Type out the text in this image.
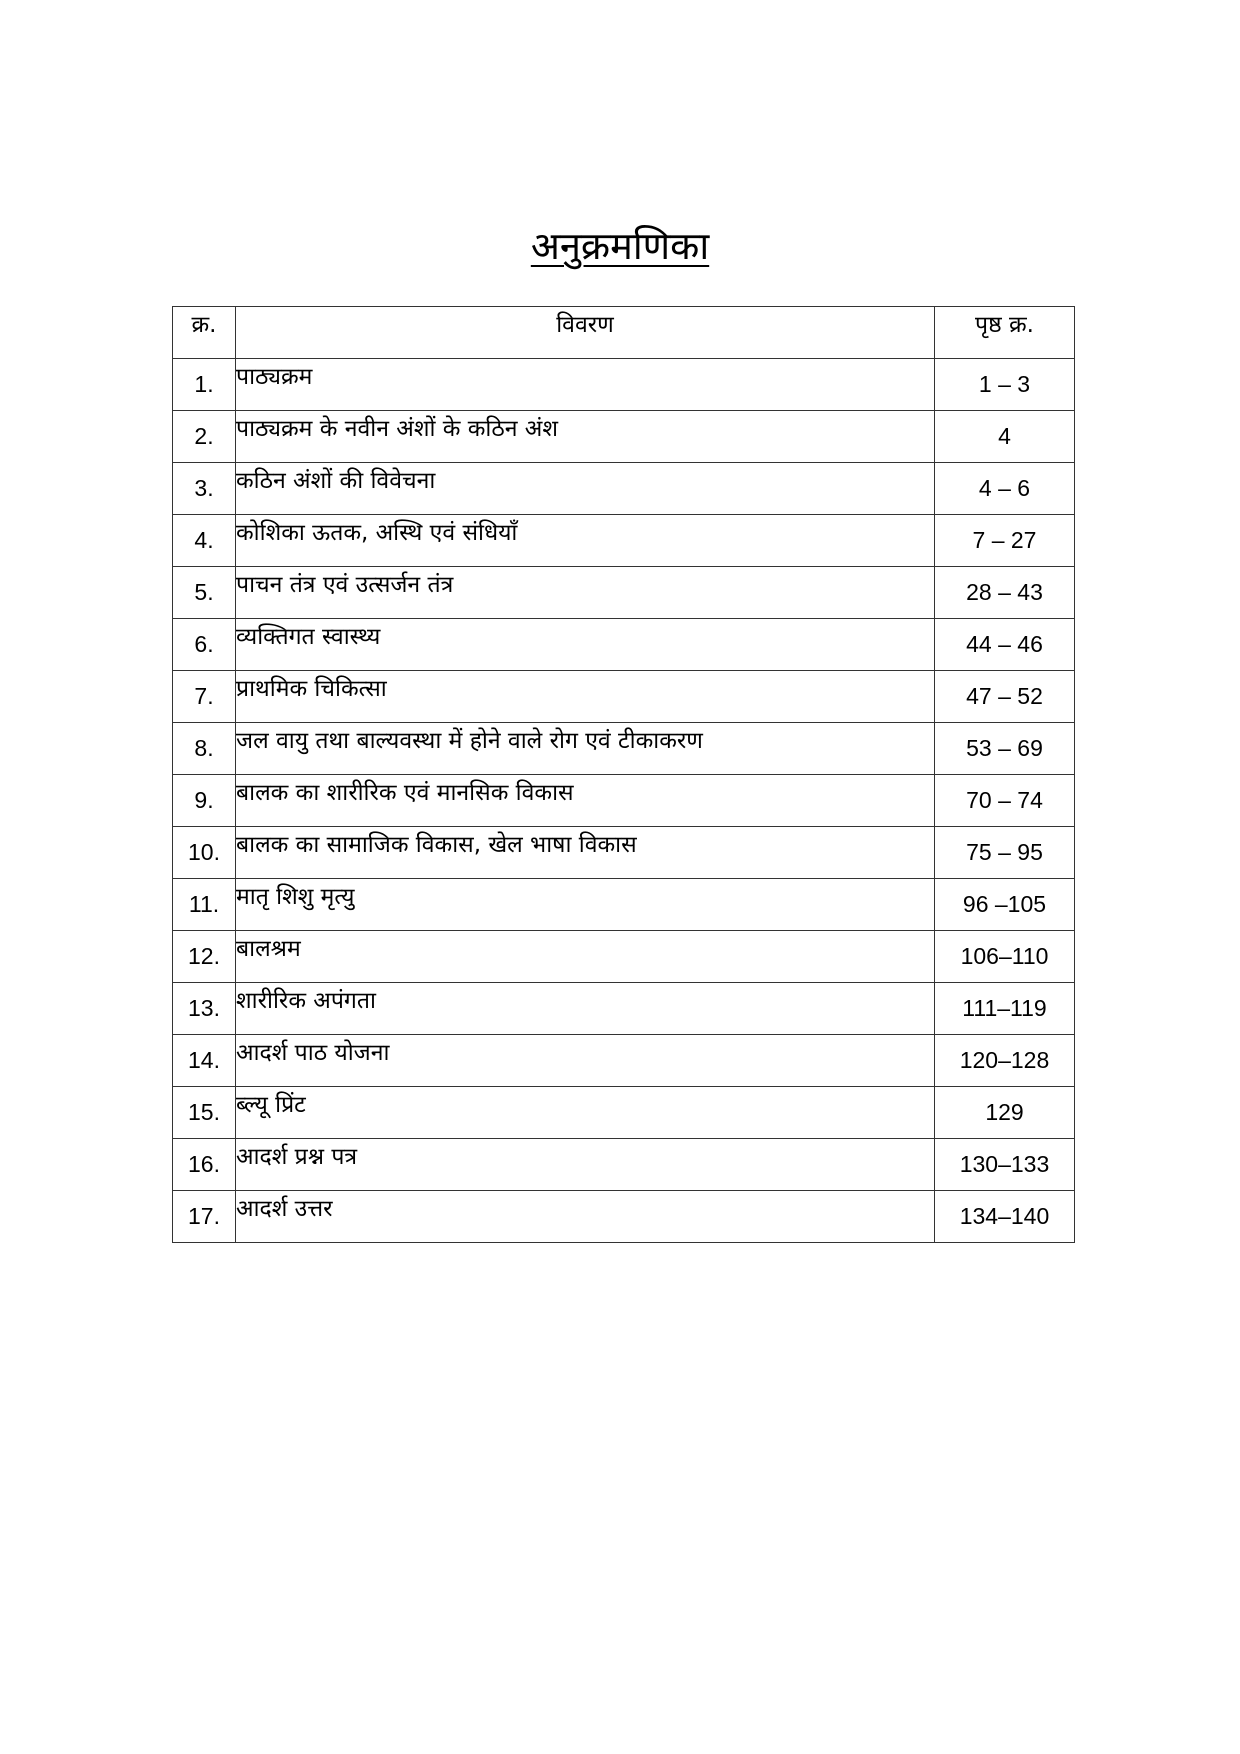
अनुक्रमणिका
क्र.	विवरण	पृष्ठ क्र.
1.	पाठ्यक्रम	1 – 3
2.	पाठ्यक्रम के नवीन अंशों के कठिन अंश	4
3.	कठिन अंशों की विवेचना	4 – 6
4.	कोशिका ऊतक, अस्थि एवं संधियाँ	7 – 27
5.	पाचन तंत्र एवं उत्सर्जन तंत्र	28 – 43
6.	व्यक्तिगत स्वास्थ्य	44 – 46
7.	प्राथमिक चिकित्सा	47 – 52
8.	जल वायु तथा बाल्यवस्था में होने वाले रोग एवं टीकाकरण	53 – 69
9.	बालक का शारीरिक एवं मानसिक विकास	70 – 74
10.	बालक का सामाजिक विकास, खेल भाषा विकास	75 – 95
11.	मातृ शिशु मृत्यु	96 –105
12.	बालश्रम	106–110
13.	शारीरिक अपंगता	111–119
14.	आदर्श पाठ योजना	120–128
15.	ब्ल्यू प्रिंट	129
16.	आदर्श प्रश्न पत्र	130–133
17.	आदर्श उत्तर	134–140
